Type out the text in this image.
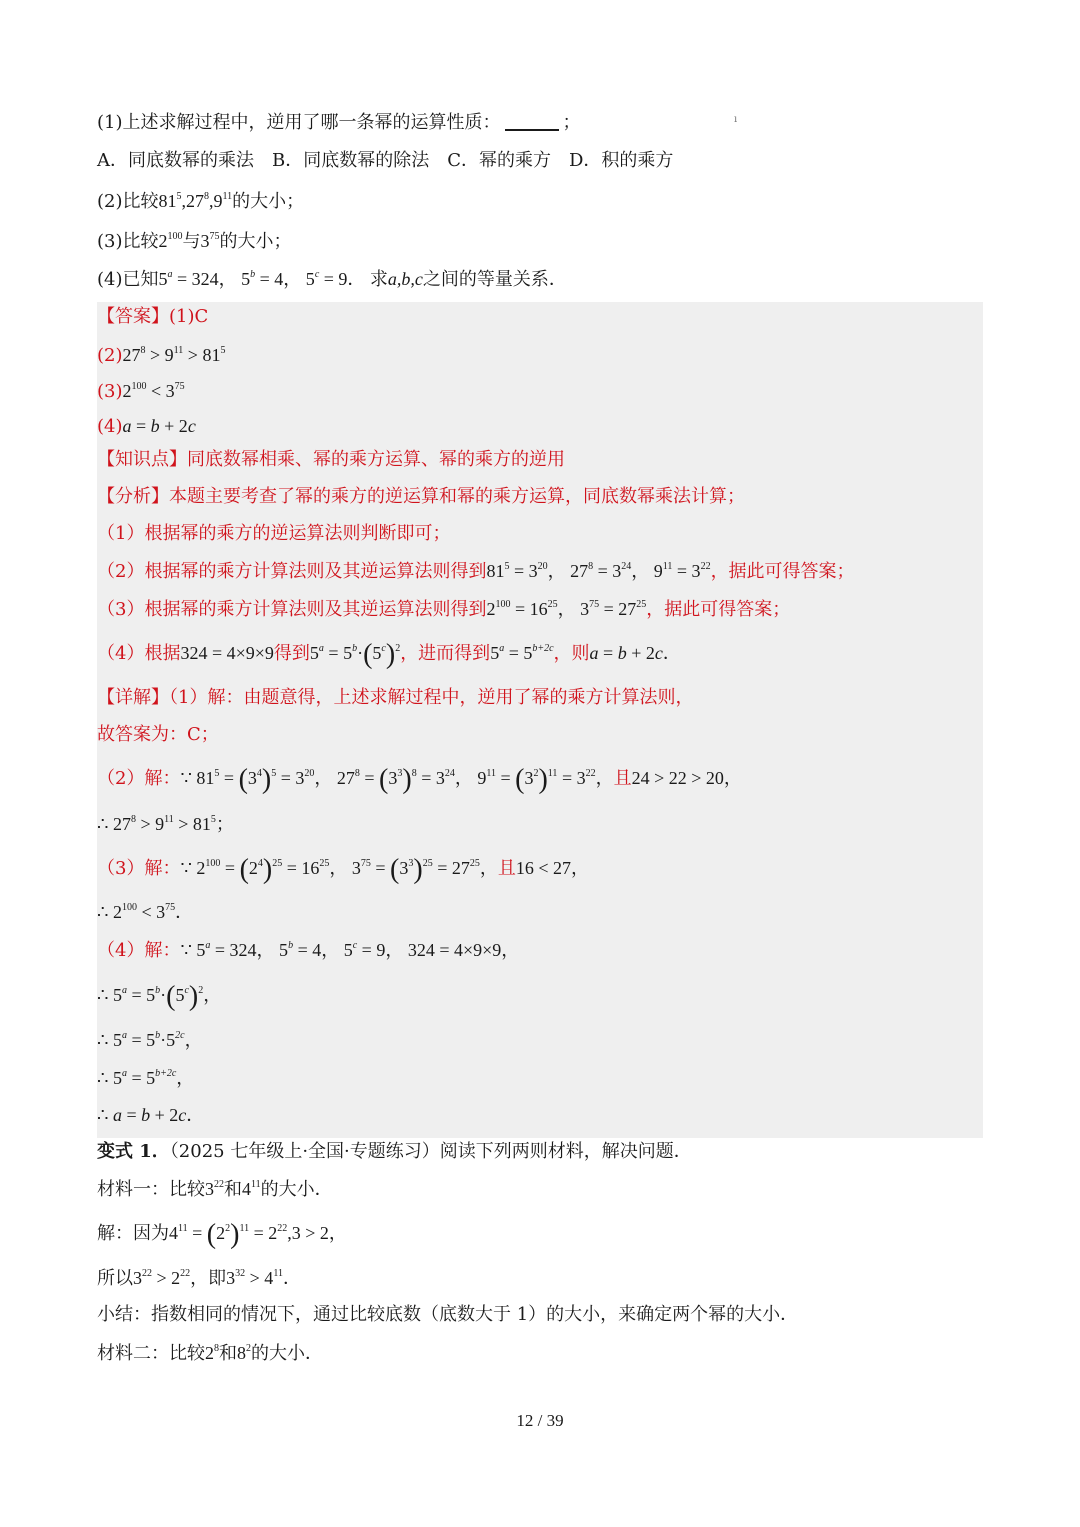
ı
(1)上述求解过程中，逆用了哪一条幂的运算性质：	；
A．同底数幂的乘法　B．同底数幂的除法　C．幂的乘方　D．积的乘方
(2)比较$81^5,27^8,9^{11}$的大小；
(3)比较$2^{100}$与$3^{75}$的大小；
(4)已知$5^a = 324$， $5^b = 4$， $5^c = 9$． 求a,b,c之间的等量关系．
【答案】(1)C
$(2)27^8 > 9^{11} > 81^5$
$(3)2^{100} < 3^{75}$
(4)a = b + 2c
【知识点】同底数幂相乘、幂的乘方运算、幂的乘方的逆用
【分析】本题主要考查了幂的乘方的逆运算和幂的乘方运算，同底数幂乘法计算；
（1）根据幂的乘方的逆运算法则判断即可；
（2）根据幂的乘方计算法则及其逆运算法则得到$81^5 = 3^{20}$， $27^8 = 3^{24}$， $9^{11} = 3^{22}$，据此可得答案；
（3）根据幂的乘方计算法则及其逆运算法则得到$2^{100} = 16^{25}$， $3^{75} = 27^{25}$，据此可得答案；
（4）根据324 = 4×9×9得到$5^a = 5^b\cdot(5^c)^2$，进而得到$5^a = 5^{b+2c}$，则a = b + 2c．
【详解】（1）解：由题意得，上述求解过程中，逆用了幂的乘方计算法则，
故答案为：C；
（2）解：∵ $81^5 = (3^4)^5 = 3^{20}$， $27^8 = (3^3)^8 = 3^{24}$， $9^{11} = (3^2)^{11} = 3^{22}$，且24 > 22 > 20，
∴ $27^8 > 9^{11} > 81^5$；
（3）解：∵ $2^{100} = (2^4)^{25} = 16^{25}$， $3^{75} = (3^3)^{25} = 27^{25}$，且16 < 27，
∴ $2^{100} < 3^{75}$．
（4）解：∵ $5^a = 324$， $5^b = 4$， $5^c = 9$， 324 = 4×9×9，
∴ $5^a = 5^b\cdot(5^c)^2$，
∴ $5^a = 5^b\cdot 5^{2c}$，
∴ $5^a = 5^{b+2c}$，
∴ a = b + 2c．
变式 1．（2025 七年级上·全国·专题练习）阅读下列两则材料，解决问题．
材料一：比较$3^{22}$和$4^{11}$的大小．
解：因为$4^{11} = (2^2)^{11} = 2^{22},3 > 2$，
所以$3^{22} > 2^{22}$，即$3^{32} > 4^{11}$．
小结：指数相同的情况下，通过比较底数（底数大于 1）的大小，来确定两个幂的大小．
材料二：比较$2^8$和$8^2$的大小．
12 / 39
